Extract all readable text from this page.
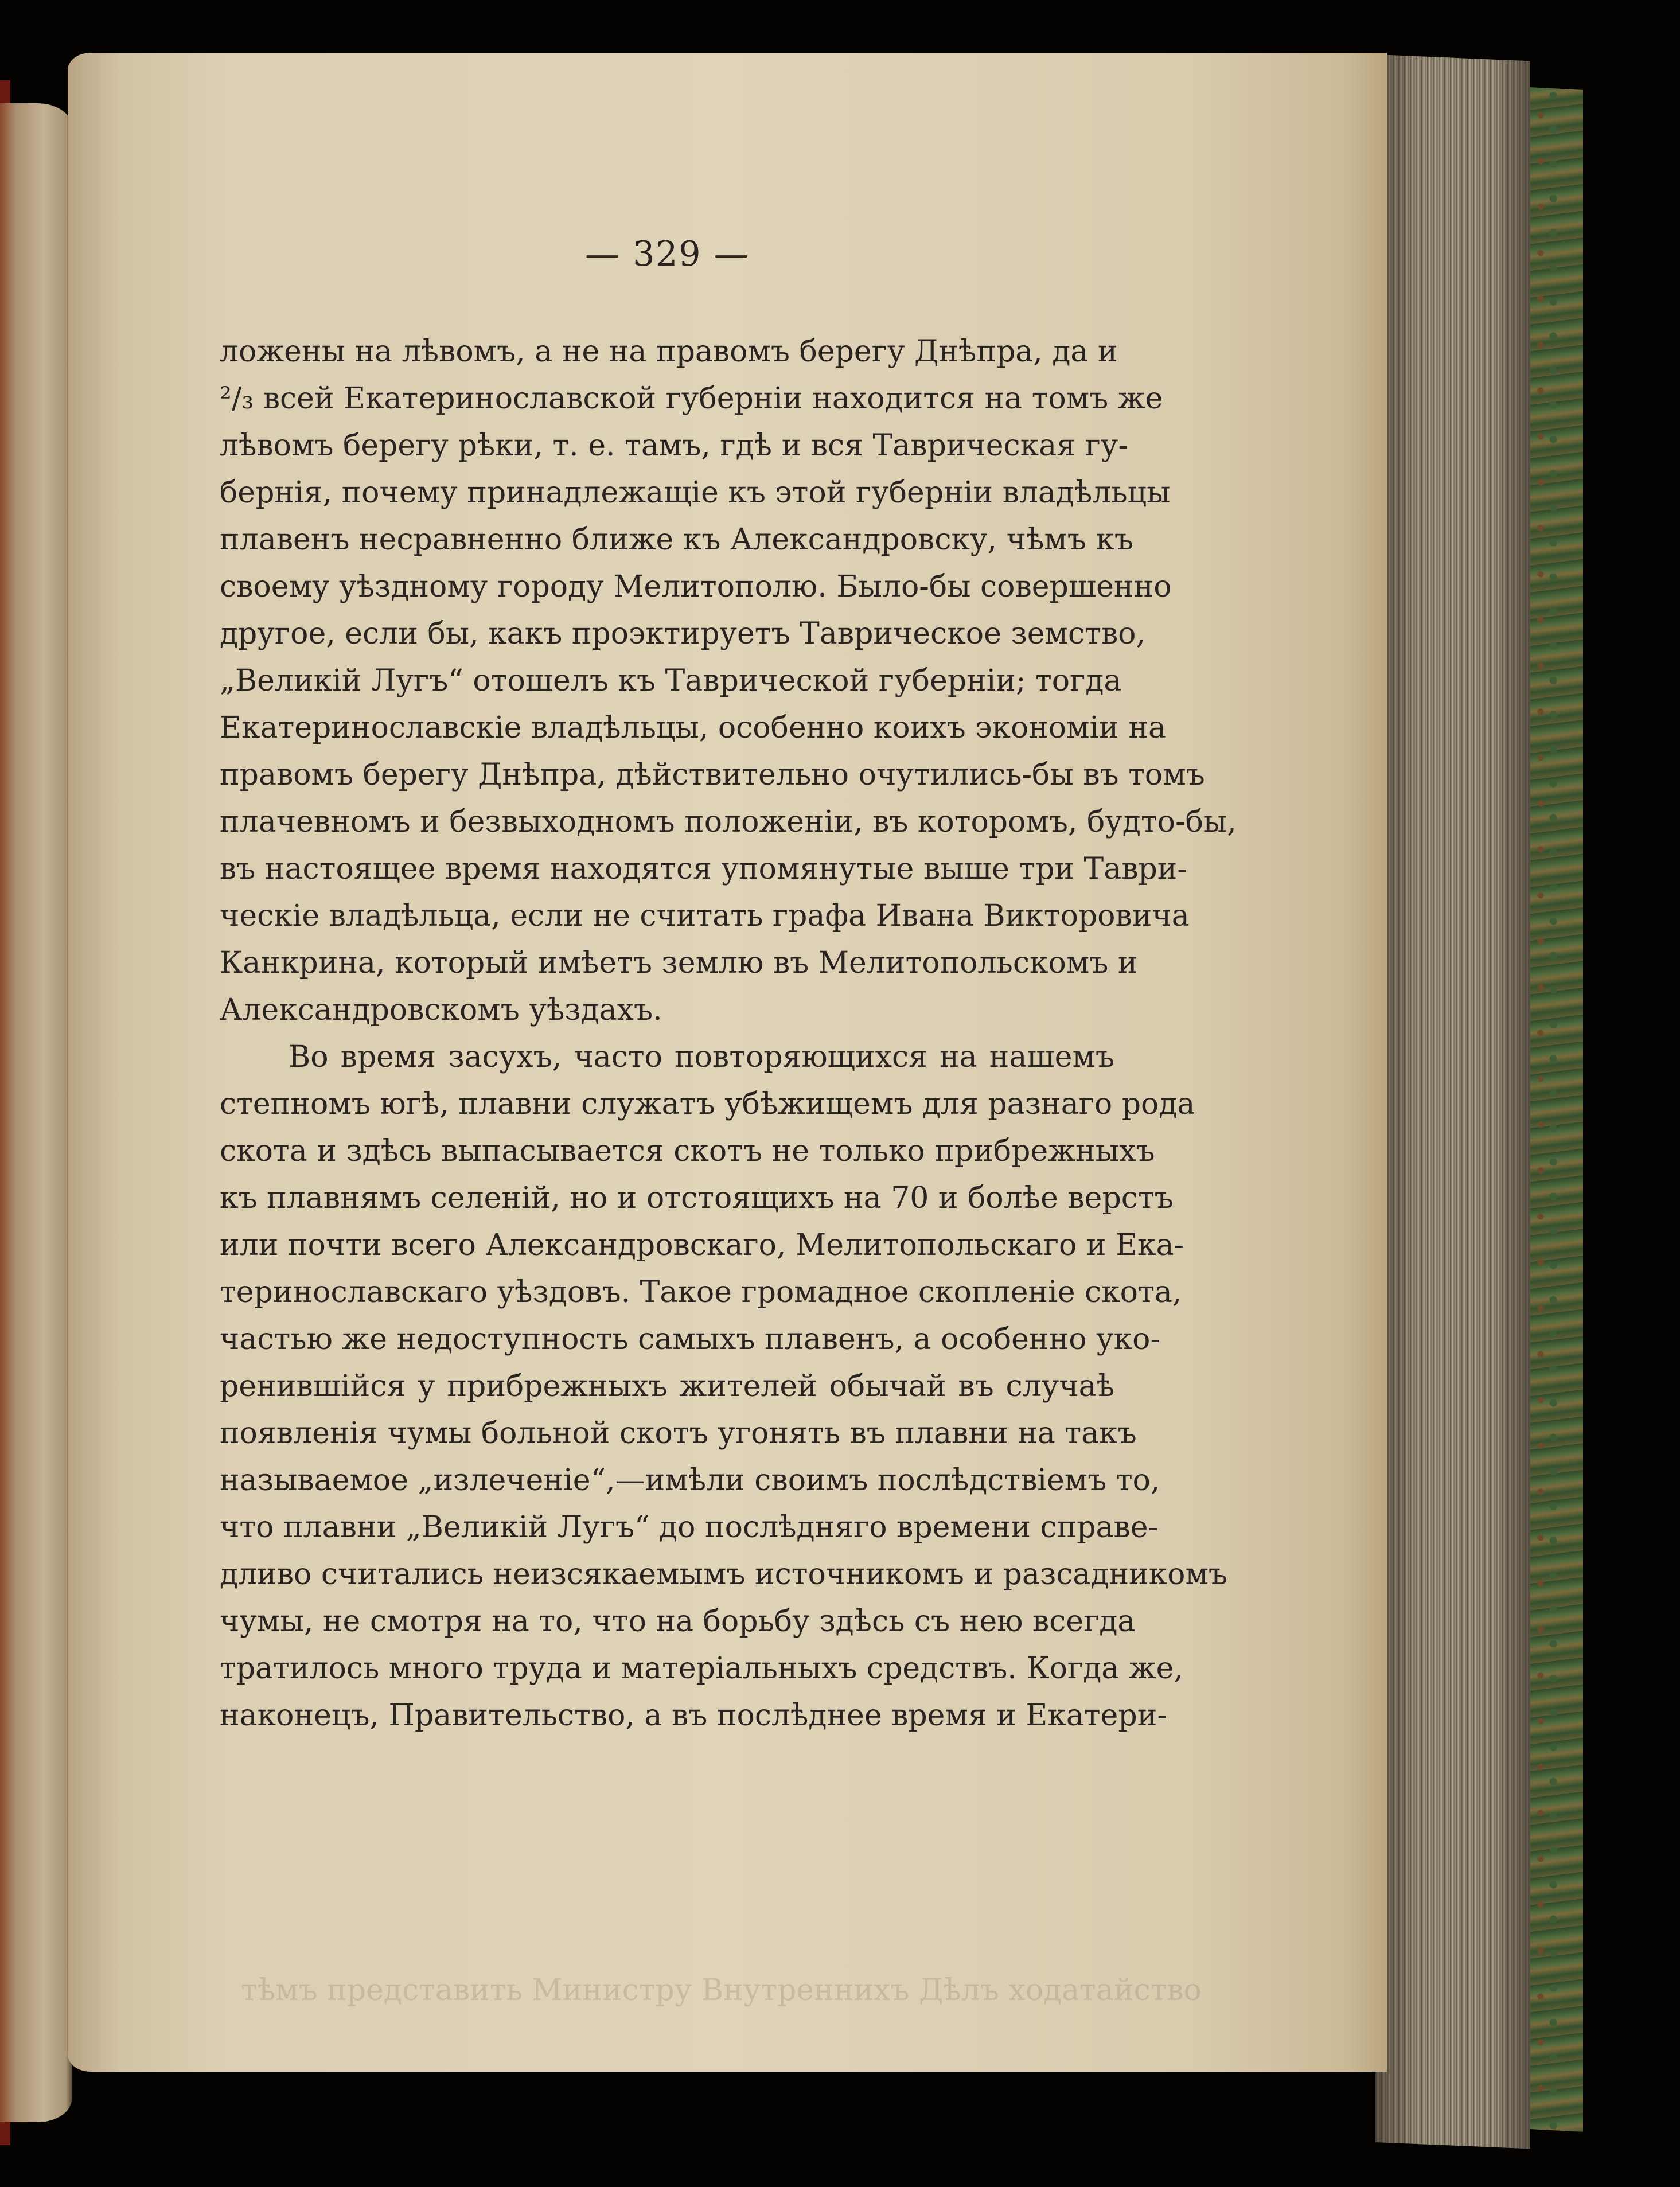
— 329 —
ложены на лѣвомъ, а не на правомъ берегу Днѣпра, да и
²/₃ всей Екатеринославской губерніи находится на томъ же
лѣвомъ берегу рѣки, т. е. тамъ, гдѣ и вся Таврическая гу-
бернія, почему принадлежащіе къ этой губерніи владѣльцы
плавенъ несравненно ближе къ Александровску, чѣмъ къ
своему уѣздному городу Мелитополю. Было-бы совершенно
другое, если бы, какъ проэктируетъ Таврическое земство,
„Великій Лугъ“ отошелъ къ Таврической губерніи; тогда
Екатеринославскіе владѣльцы, особенно коихъ экономіи на
правомъ берегу Днѣпра, дѣйствительно очутились-бы въ томъ
плачевномъ и безвыходномъ положеніи, въ которомъ, будто-бы,
въ настоящее время находятся упомянутые выше три Таври-
ческіе владѣльца, если не считать графа Ивана Викторовича
Канкрина, который имѣетъ землю въ Мелитопольскомъ и
Александровскомъ уѣздахъ.
Во время засухъ, часто повторяющихся на нашемъ
степномъ югѣ, плавни служатъ убѣжищемъ для разнаго рода
скота и здѣсь выпасывается скотъ не только прибрежныхъ
къ плавнямъ селеній, но и отстоящихъ на 70 и болѣе верстъ
или почти всего Александровскаго, Мелитопольскаго и Ека-
теринославскаго уѣздовъ. Такое громадное скопленіе скота,
частью же недоступность самыхъ плавенъ, а особенно уко-
ренившійся у прибрежныхъ жителей обычай въ случаѣ
появленія чумы больной скотъ угонять въ плавни на такъ
называемое „излеченіе“,—имѣли своимъ послѣдствіемъ то,
что плавни „Великій Лугъ“ до послѣдняго времени справе-
дливо считались неизсякаемымъ источникомъ и разсадникомъ
чумы, не смотря на то, что на борьбу здѣсь съ нею всегда
тратилось много труда и матеріальныхъ средствъ. Когда же,
наконецъ, Правительство, а въ послѣднее время и Екатери-
тѣмъ представить Министру Внутреннихъ Дѣлъ ходатайство
